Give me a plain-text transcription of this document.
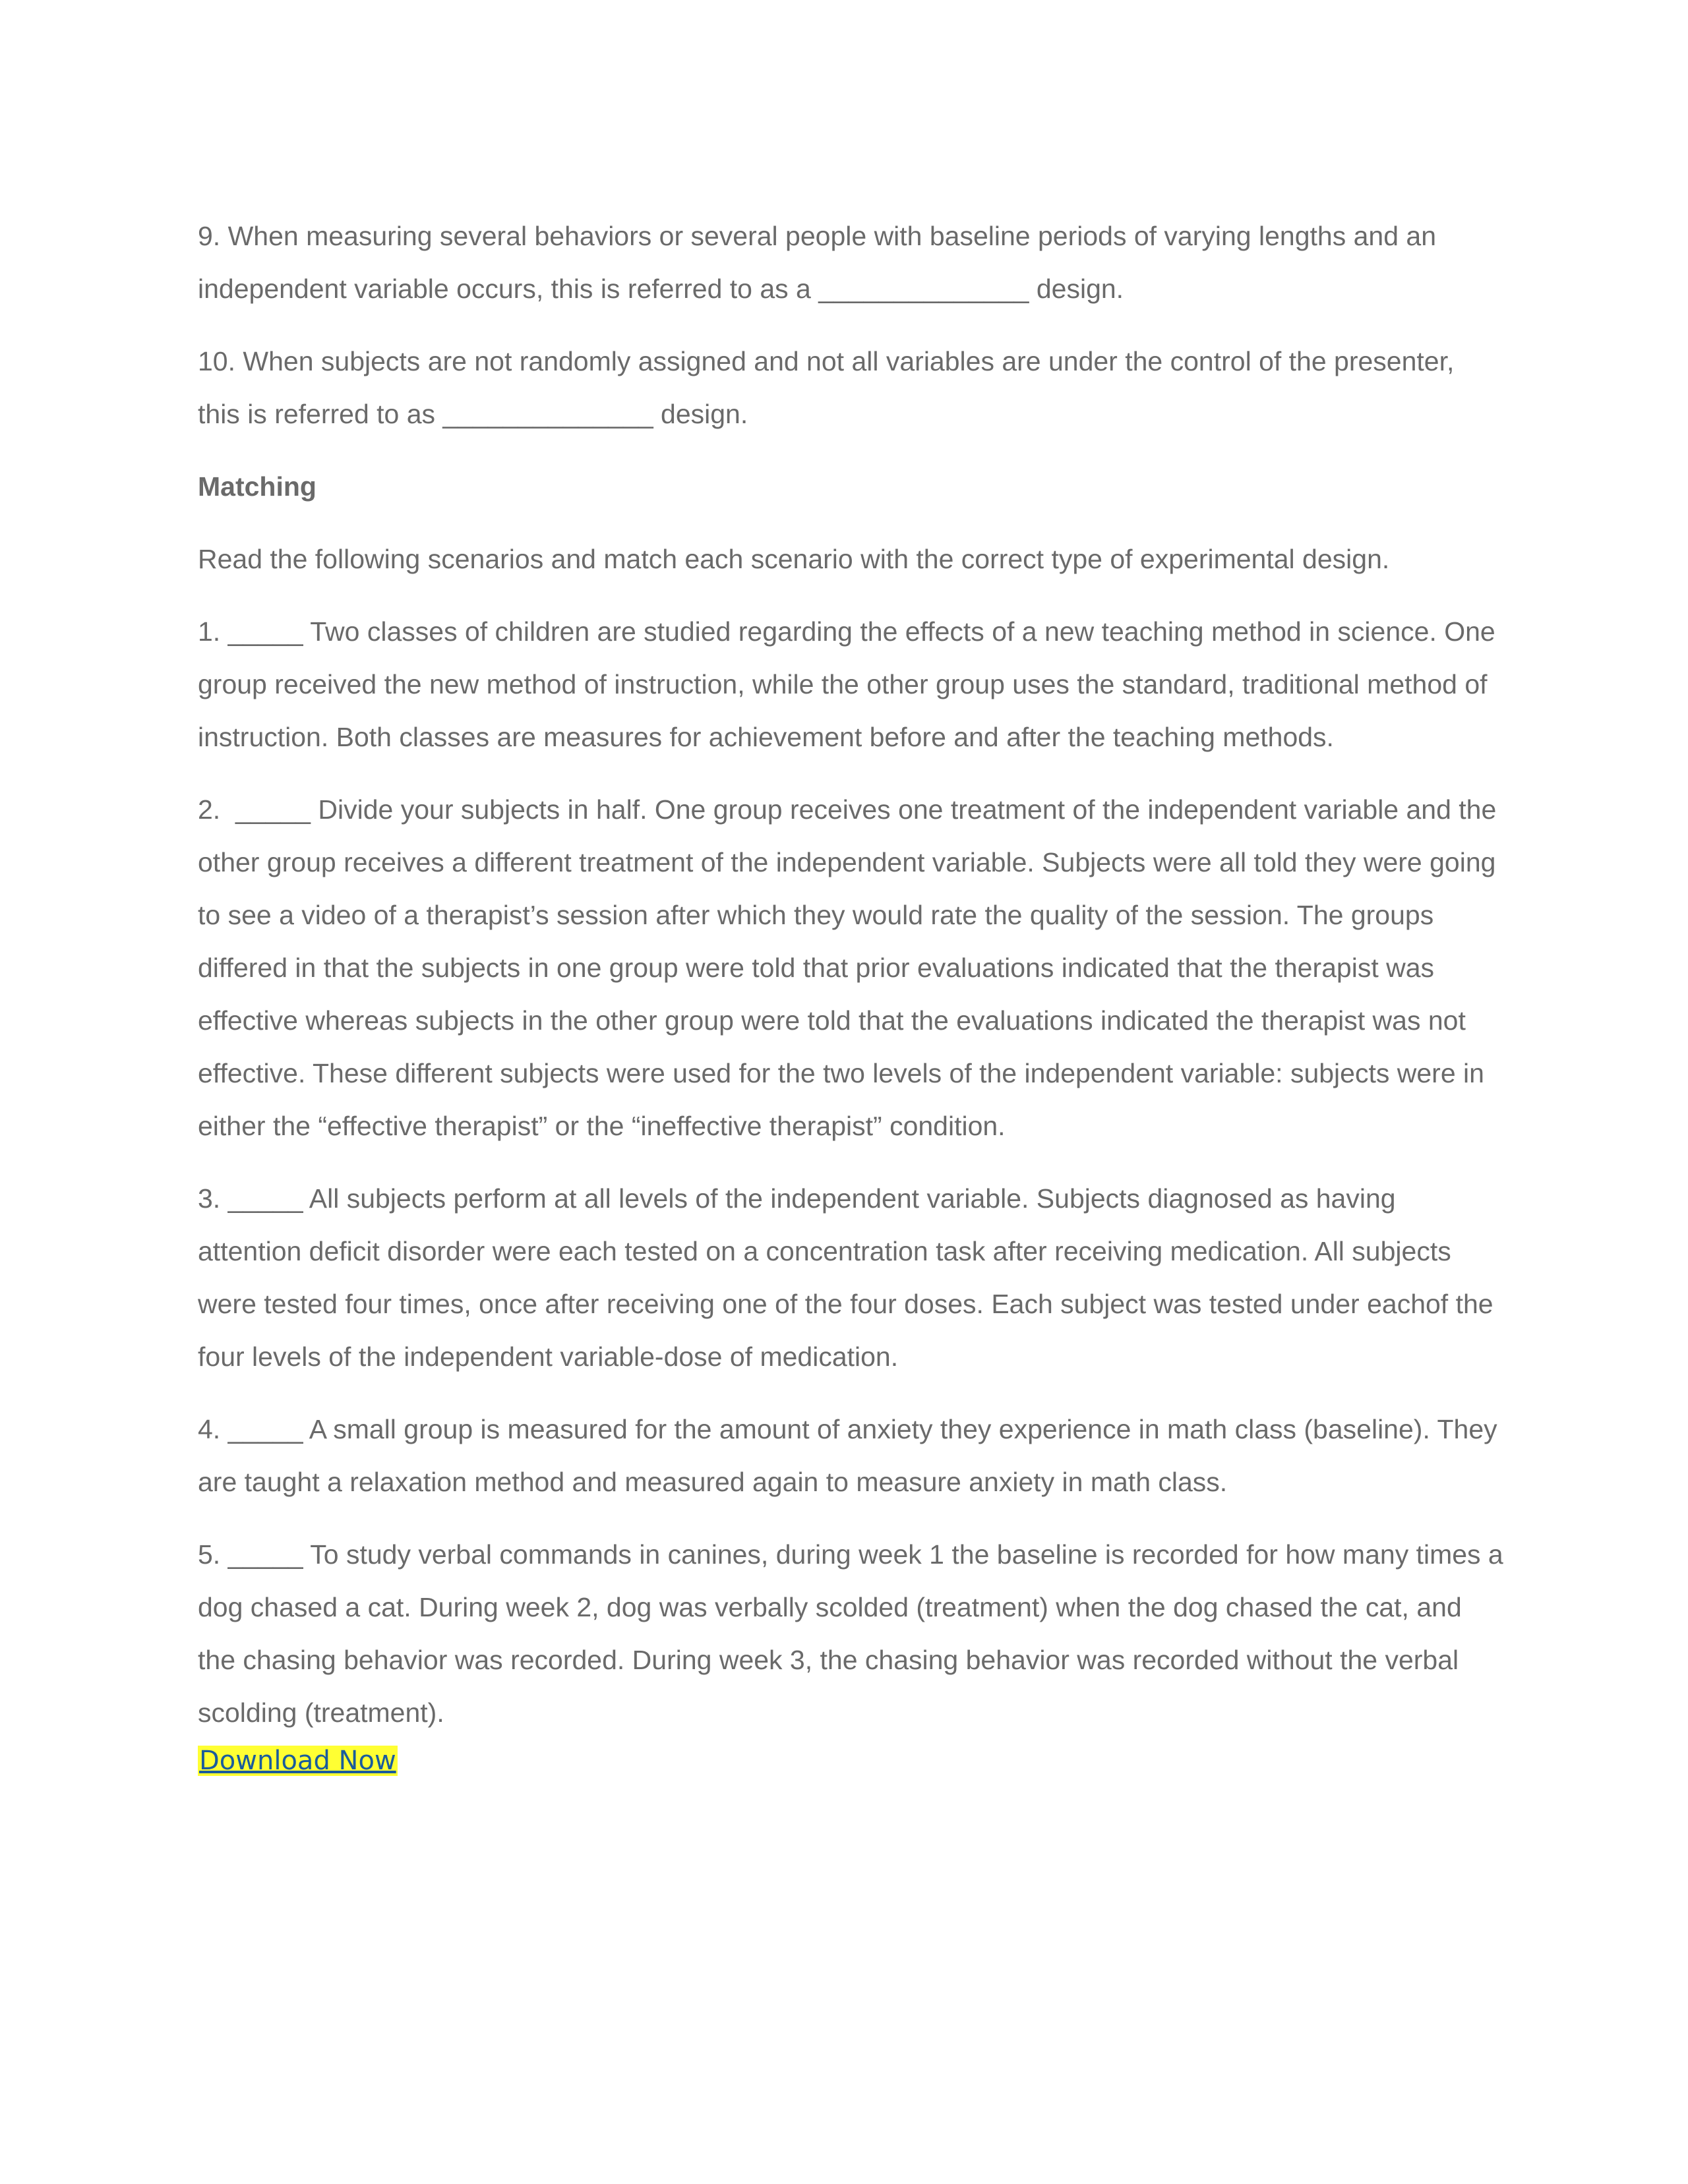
9. When measuring several behaviors or several people with baseline periods of varying lengths and an independent variable occurs, this is referred to as a ______________ design.

10. When subjects are not randomly assigned and not all variables are under the control of the presenter, this is referred to as ______________ design.

Matching

Read the following scenarios and match each scenario with the correct type of experimental design.

1. _____ Two classes of children are studied regarding the effects of a new teaching method in science. One group received the new method of instruction, while the other group uses the standard, traditional method of instruction. Both classes are measures for achievement before and after the teaching methods.

2.  _____ Divide your subjects in half. One group receives one treatment of the independent variable and the other group receives a different treatment of the independent variable. Subjects were all told they were going to see a video of a therapist’s session after which they would rate the quality of the session. The groups differed in that the subjects in one group were told that prior evaluations indicated that the therapist was effective whereas subjects in the other group were told that the evaluations indicated the therapist was not effective. These different subjects were used for the two levels of the independent variable: subjects were in either the “effective therapist” or the “ineffective therapist” condition.

3. _____ All subjects perform at all levels of the independent variable. Subjects diagnosed as having attention deficit disorder were each tested on a concentration task after receiving medication. All subjects were tested four times, once after receiving one of the four doses. Each subject was tested under eachof the four levels of the independent variable-dose of medication.

4. _____ A small group is measured for the amount of anxiety they experience in math class (baseline). They are taught a relaxation method and measured again to measure anxiety in math class.

5. _____ To study verbal commands in canines, during week 1 the baseline is recorded for how many times a dog chased a cat. During week 2, dog was verbally scolded (treatment) when the dog chased the cat, and the chasing behavior was recorded. During week 3, the chasing behavior was recorded without the verbal scolding (treatment).

Download Now
